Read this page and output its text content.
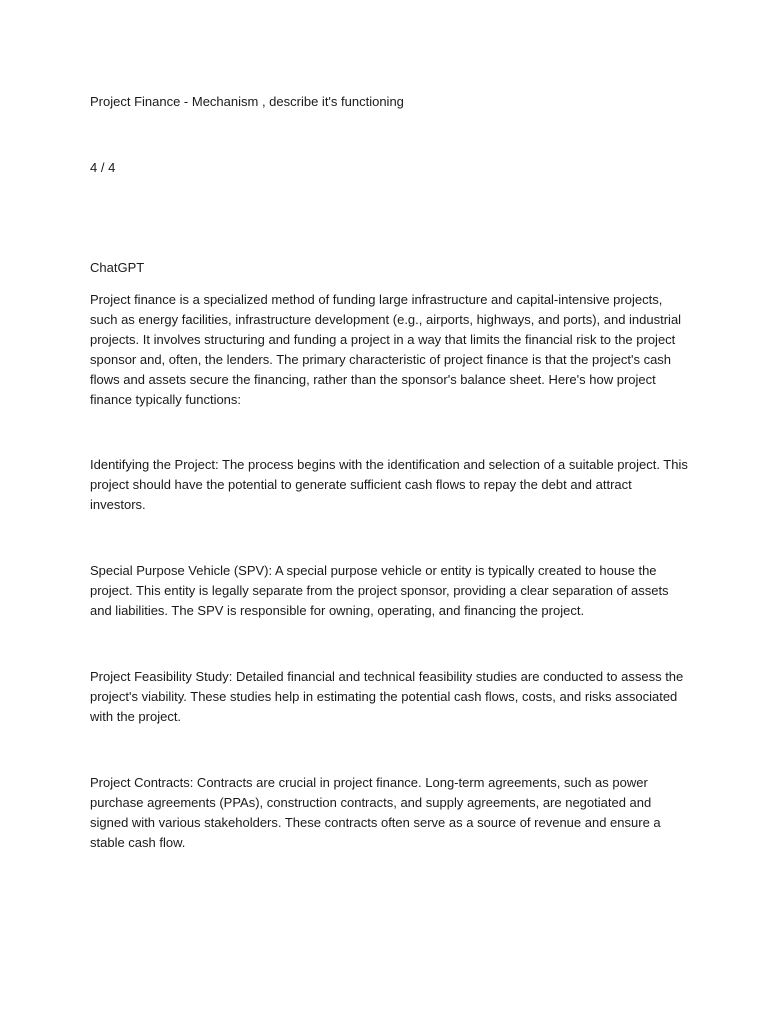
Project Finance - Mechanism , describe it's functioning

4 / 4

ChatGPT

Project finance is a specialized method of funding large infrastructure and capital-intensive projects, such as energy facilities, infrastructure development (e.g., airports, highways, and ports), and industrial projects. It involves structuring and funding a project in a way that limits the financial risk to the project sponsor and, often, the lenders. The primary characteristic of project finance is that the project's cash flows and assets secure the financing, rather than the sponsor's balance sheet. Here's how project finance typically functions:

Identifying the Project: The process begins with the identification and selection of a suitable project. This project should have the potential to generate sufficient cash flows to repay the debt and attract investors.

Special Purpose Vehicle (SPV): A special purpose vehicle or entity is typically created to house the project. This entity is legally separate from the project sponsor, providing a clear separation of assets and liabilities. The SPV is responsible for owning, operating, and financing the project.

Project Feasibility Study: Detailed financial and technical feasibility studies are conducted to assess the project's viability. These studies help in estimating the potential cash flows, costs, and risks associated with the project.

Project Contracts: Contracts are crucial in project finance. Long-term agreements, such as power purchase agreements (PPAs), construction contracts, and supply agreements, are negotiated and signed with various stakeholders. These contracts often serve as a source of revenue and ensure a stable cash flow.
